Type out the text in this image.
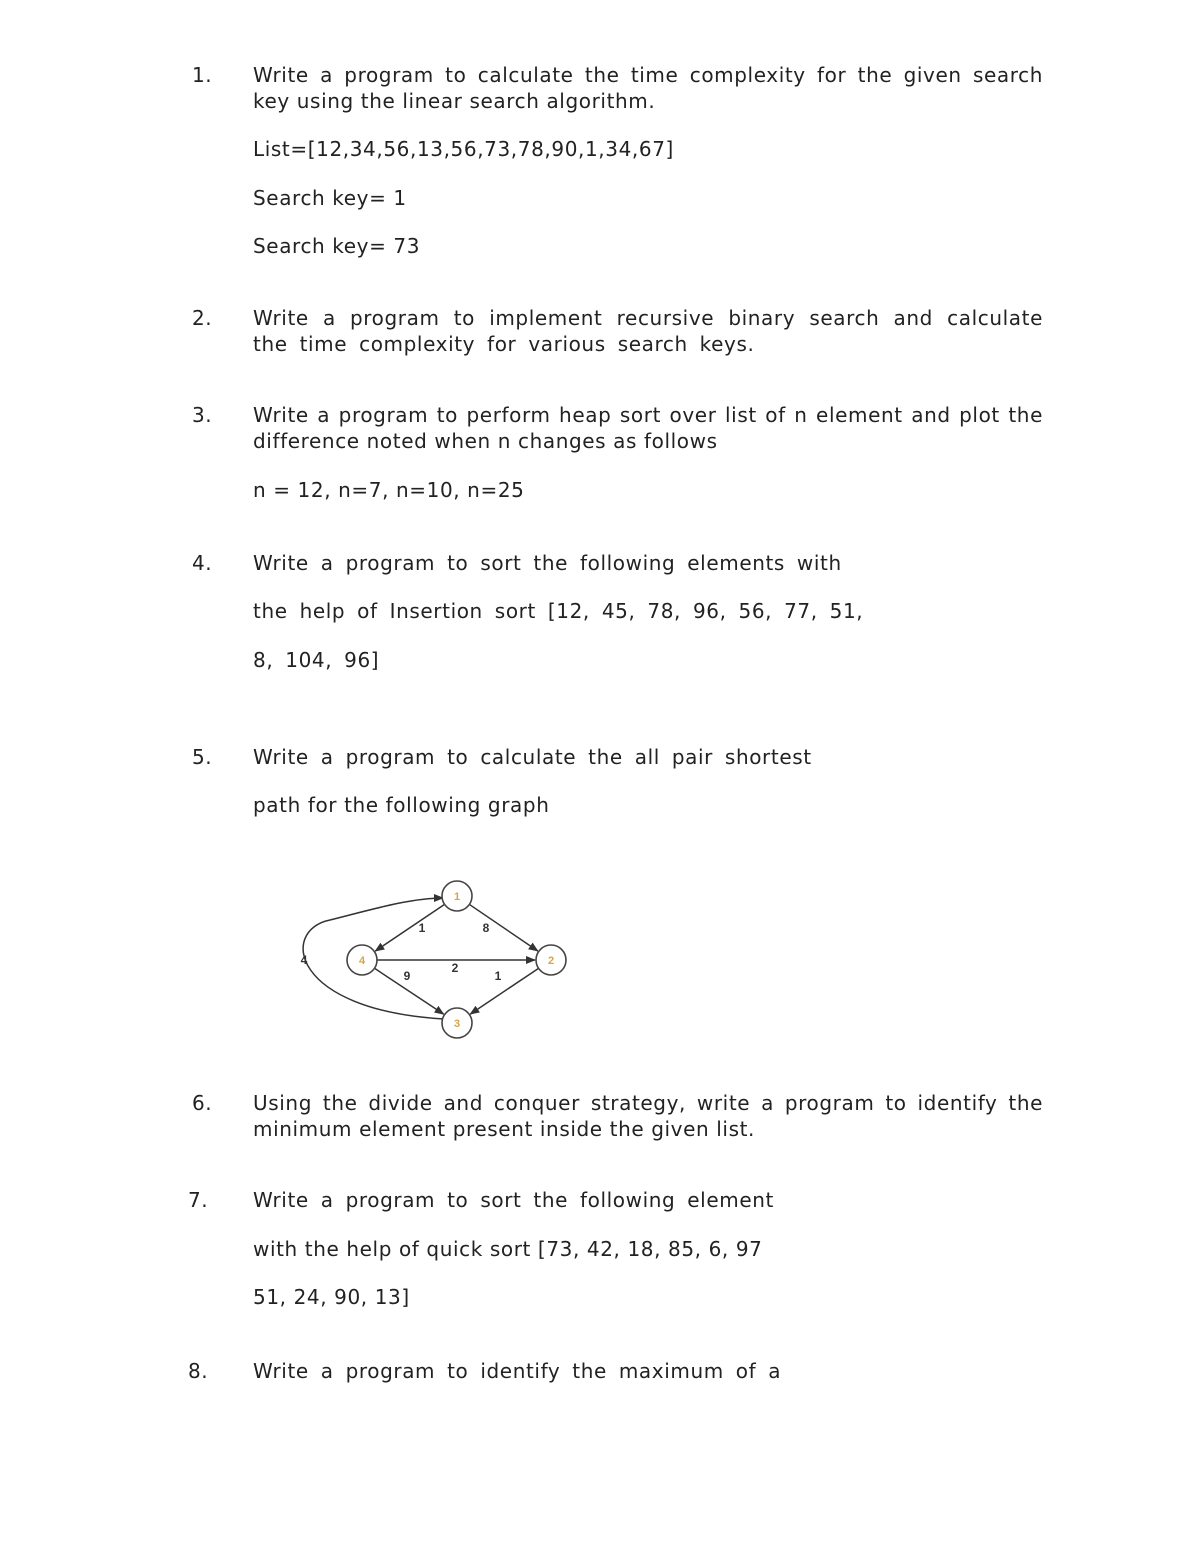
1. Write a program to calculate the time complexity for the given search
key using the linear search algorithm.
List=[12,34,56,13,56,73,78,90,1,34,67]
Search key= 1
Search key= 73
2. Write a program to implement recursive binary search and calculate
the time complexity for various search keys.
3. Write a program to perform heap sort over list of n element and plot the
difference noted when n changes as follows
n = 12, n=7, n=10, n=25
4. Write a program to sort the following elements with
the help of Insertion sort [12, 45, 78, 96, 56, 77, 51,
8, 104, 96]
5. Write a program to calculate the all pair shortest
path for the following graph
8
1
2
9	1
4
1
2
3
4
6. Using the divide and conquer strategy, write a program to identify the
minimum element present inside the given list.
7. Write a program to sort the following element
with the help of quick sort [73, 42, 18, 85, 6, 97
51, 24, 90, 13]
8. Write a program to identify the maximum of a
